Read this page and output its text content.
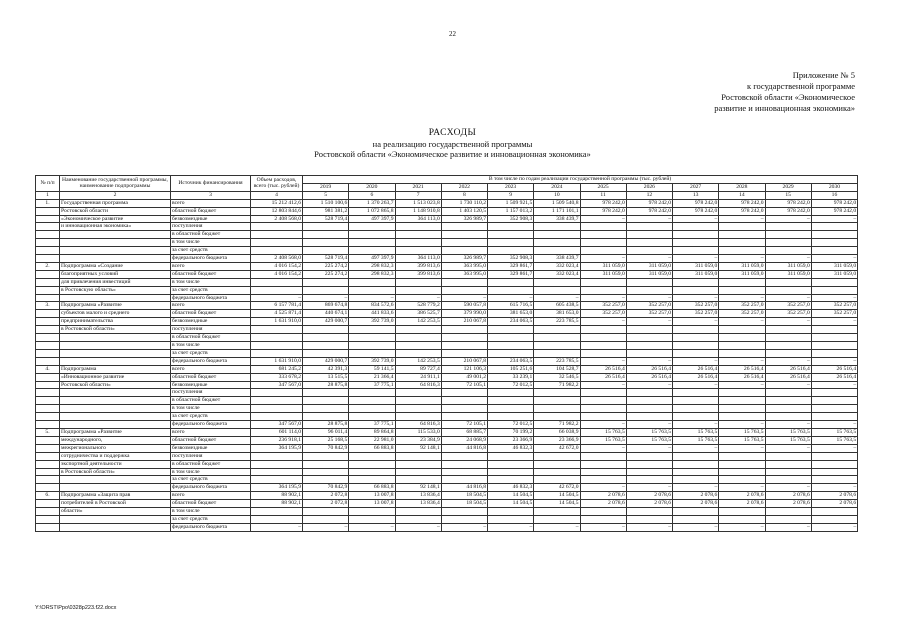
22
Приложение № 5
к государственной программе
Ростовской области «Экономическое
развитие и инновационная экономика»
РАСХОДЫ
на реализацию государственной программы
Ростовской области «Экономическое развитие и инновационная экономика»
№ п/п	Наименование государственной программы, наименование подпрограммы	Источник финансирования	Объем расходов, всего (тыс. рублей)	В том числе по годам реализации государственной программы (тыс. рублей)											
				2019	2020	2021	2022	2023	2024	2025	2026	2027	2028	2029	2030
1	2	3	4	5	6	7	8	9	10	11	12	13	14	15	16
1.	Государственная программа	всего	15 212 412,6	1 510 100,6	1 370 263,7	1 513 023,8	1 730 110,2	1 509 921,5	1 509 540,8	978 242,0	978 242,0	978 242,0	978 242,0	978 242,0	978 242,0
	Ростовской области	областной бюджет	12 803 844,6	981 381,2	1 072 865,8	1 148 910,8	1 403 120,5	1 157 013,2	1 171 101,1	978 242,0	978 242,0	978 242,0	978 242,0	978 242,0	978 242,0
	«Экономическое развитие	безвозмездные	2 408 568,0	528 719,4	497 397,9	364 113,0	326 989,7	352 908,3	338 439,7	–	–	–	–	–	–
	и инновационная экономика»	поступления													
		в областной бюджет													
		в том числе													
		за счет средств													
		федерального бюджета	2 408 568,0	528 719,4	497 397,9	364 113,0	326 989,7	352 908,3	338 439,7	–	–	–	–	–	–
2.	Подпрограмма «Создание	всего	4 016 154,2	225 274,2	298 832,3	399 813,6	363 995,0	329 861,7	332 023,4	311 059,0	311 059,0	311 059,0	311 059,0	311 059,0	311 059,0
	благоприятных условий	областной бюджет	4 016 154,2	225 274,2	298 832,3	399 813,6	363 995,0	329 861,7	332 023,4	311 059,0	311 059,0	311 059,0	311 059,0	311 059,0	311 059,0
	для привлечения инвестиций	в том числе													
	в Ростовскую область»	за счет средств													
		федерального бюджета	–	–	–	–	–	–	–	–	–	–	–	–	–
3.	Подпрограмма «Развитие	всего	6 157 781,4	869 674,8	834 572,6	528 779,2	590 057,8	615 716,5	605 438,5	352 257,0	352 257,0	352 257,0	352 257,0	352 257,0	352 257,0
	субъектов малого и среднего	областной бюджет	4 525 871,4	440 674,1	441 833,6	386 525,7	379 990,0	381 653,0	381 653,0	352 257,0	352 257,0	352 257,0	352 257,0	352 257,0	352 257,0
	предпринимательства	безвозмездные	1 631 910,0	429 000,7	392 739,0	142 253,5	210 067,8	234 063,5	223 785,5	–	–	–	–	–	–
	в Ростовской области»	поступления													
		в областной бюджет													
		в том числе													
		за счет средств													
		федерального бюджета	1 631 910,0	429 000,7	392 739,0	142 253,5	210 067,8	234 063,5	223 785,5	–	–	–	–	–	–
4.	Подпрограмма	всего	681 245,2	42 391,3	59 141,5	89 727,4	121 106,3	105 251,6	104 528,7	26 516,4	26 516,4	26 516,4	26 516,4	26 516,4	26 516,4
	«Инновационное развитие	областной бюджет	333 678,2	13 515,5	21 366,4	24 911,1	49 001,2	33 239,1	32 546,5	26 516,4	26 516,4	26 516,4	26 516,4	26 516,4	26 516,4
	Ростовской области»	безвозмездные	347 567,0	28 875,8	37 775,1	64 816,3	72 105,1	72 012,5	71 982,2	–	–	–	–	–	–
		поступления													
		в областной бюджет													
		в том числе													
		за счет средств													
		федерального бюджета	347 567,0	28 875,8	37 775,1	64 816,3	72 105,1	72 012,5	71 982,2	–	–	–	–	–	–
5.	Подпрограмма «Развитие	всего	601 114,0	96 011,4	89 864,8	115 533,0	68 885,7	70 199,2	66 038,9	15 763,5	15 763,5	15 763,5	15 763,5	15 763,5	15 763,5
	международного,	областной бюджет	236 918,1	25 168,5	22 981,0	23 384,9	24 068,9	23 366,9	23 366,9	15 763,5	15 763,5	15 763,5	15 763,5	15 763,5	15 763,5
	межрегионального	безвозмездные	364 195,9	70 842,9	66 883,8	92 148,1	44 816,8	46 832,3	42 672,0	–	–	–	–	–	–
	сотрудничества и поддержка	поступления													
	экспортной деятельности	в областной бюджет													
	в Ростовской области»	в том числе													
		за счет средств													
		федерального бюджета	364 195,9	70 842,9	66 883,8	92 148,1	44 816,8	46 832,3	42 672,0	–	–	–	–	–	–
6.	Подпрограмма «Защита прав	всего	88 902,1	2 072,8	13 007,8	13 836,4	18 504,5	14 504,5	14 504,5	2 078,6	2 078,6	2 078,6	2 078,6	2 078,6	2 078,6
	потребителей в Ростовской	областной бюджет	88 902,1	2 072,8	13 007,8	13 836,4	18 504,5	14 504,5	14 504,5	2 078,6	2 078,6	2 078,6	2 078,6	2 078,6	2 078,6
	области»	в том числе													
		за счет средств													
		федерального бюджета	–	–	–	–	–	–	–	–	–	–	–	–	–
Y:\ORST\Ppo\0328p223.f22.docx
